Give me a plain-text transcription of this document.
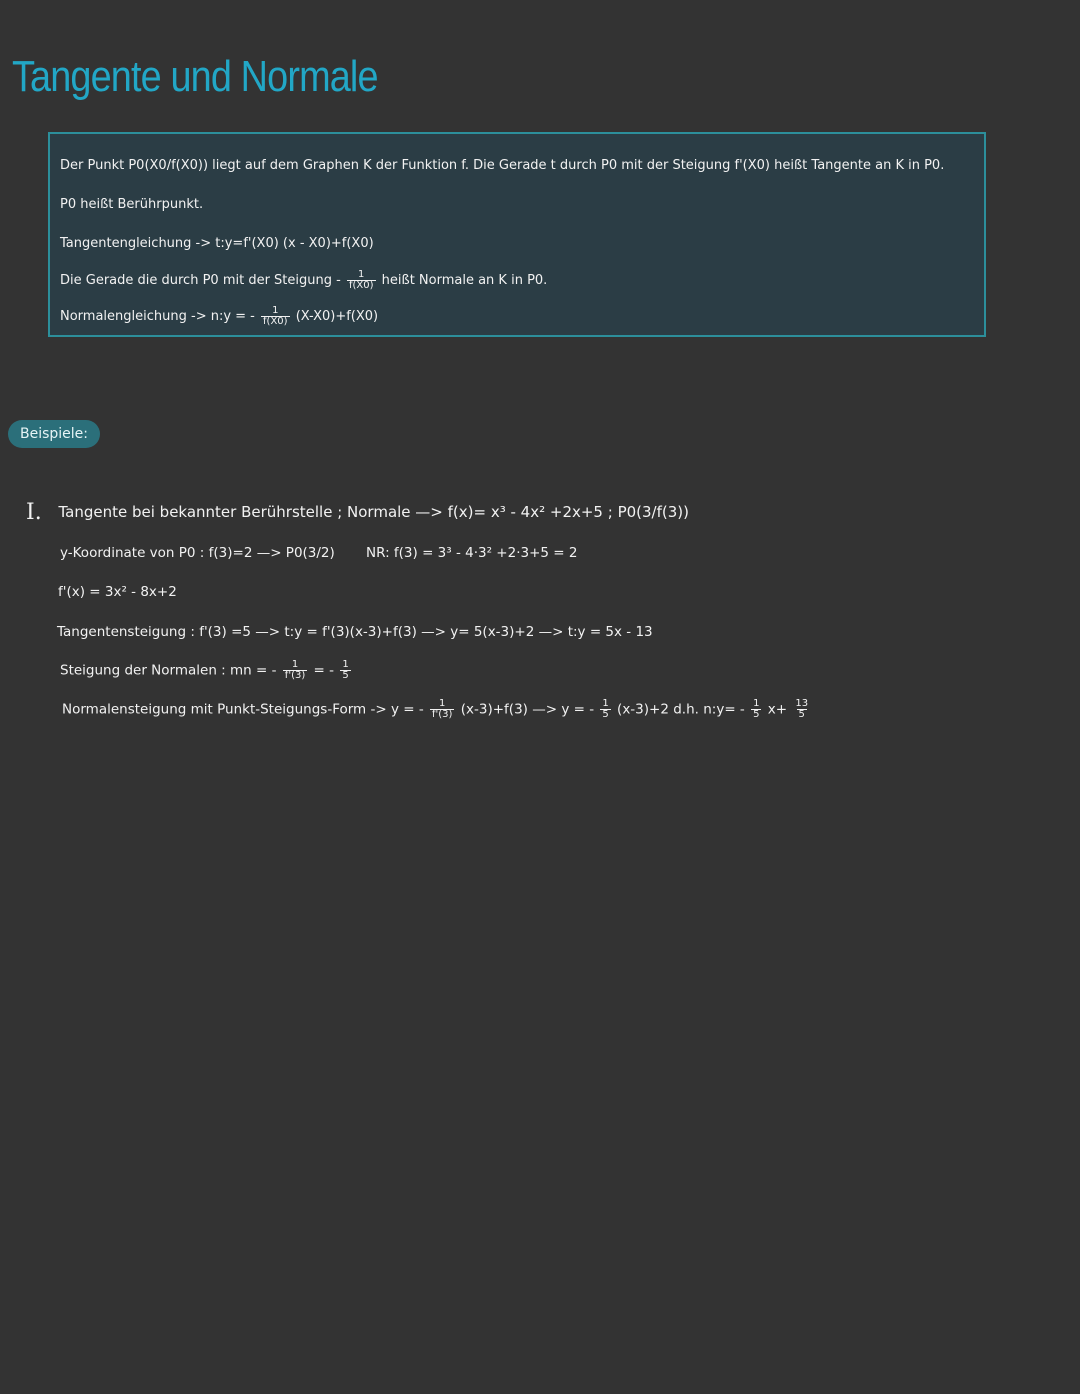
Tangente und Normale
Der Punkt P0(X0/f(X0)) liegt auf dem Graphen K der Funktion f. Die Gerade t durch P0 mit der Steigung f'(X0) heißt Tangente an K in P0.
P0 heißt Berührpunkt.
Tangentengleichung -> t:y=f'(X0) (x - X0)+f(X0)
Die Gerade die durch P0 mit der Steigung - $\frac{1}{f(X0)}$ heißt Normale an K in P0.
Normalengleichung -> n:y = - $\frac{1}{f(X0)} (X-X0)+f(X0)$
Beispiele:
I. Tangente bei bekannter Berührstelle ; Normale —> f(x)= x³ - 4x² +2x+5 ; P0(3/f(3))
y-Koordinate von P0 : f(3)=2 —> P0(3/2) NR: f(3) = 3³ - 4·3² +2·3+5 = 2
f'(x) = 3x² - 8x+2
Tangentensteigung : f'(3) =5 —> t:y = f'(3)(x-3)+f(3) —> y= 5(x-3)+2 —> t:y = 5x - 13
Steigung der Normalen : mn = - $\frac{1}{f'(3)}$ = - $\frac{1}{5}$
Normalensteigung mit Punkt-Steigungs-Form -> y = - $\frac{1}{f'(3)} (x-3)+f(3)$ —> y = - $\frac{1}{5} (x-3)+2$ d.h. n:y= - $\frac{1}{5} x+ \frac{13}{5}$
